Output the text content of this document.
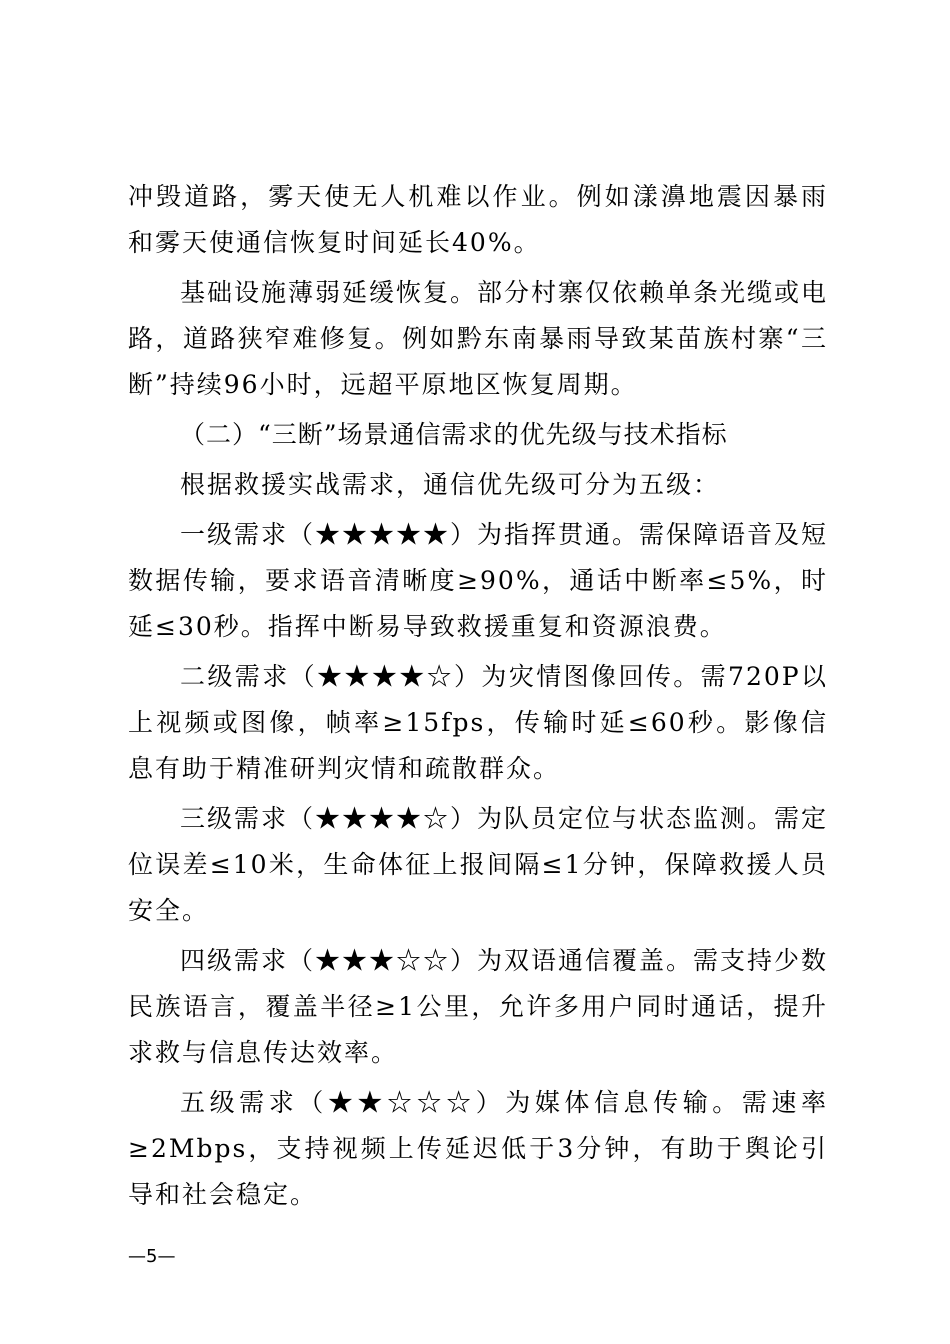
冲毁道路，雾天使无人机难以作业。例如漾濞地震因暴雨和雾天使通信恢复时间延长40%。

基础设施薄弱延缓恢复。部分村寨仅依赖单条光缆或电路，道路狭窄难修复。例如黔东南暴雨导致某苗族村寨“三断”持续96小时，远超平原地区恢复周期。

（二）“三断”场景通信需求的优先级与技术指标

根据救援实战需求，通信优先级可分为五级：

一级需求（★★★★★）为指挥贯通。需保障语音及短数据传输，要求语音清晰度≥90%，通话中断率≤5%，时延≤30秒。指挥中断易导致救援重复和资源浪费。

二级需求（★★★★☆）为灾情图像回传。需720P以上视频或图像，帧率≥15fps，传输时延≤60秒。影像信息有助于精准研判灾情和疏散群众。

三级需求（★★★★☆）为队员定位与状态监测。需定位误差≤10米，生命体征上报间隔≤1分钟，保障救援人员安全。

四级需求（★★★☆☆）为双语通信覆盖。需支持少数民族语言，覆盖半径≥1公里，允许多用户同时通话，提升求救与信息传达效率。

五级需求（★★☆☆☆）为媒体信息传输。需速率≥2Mbps，支持视频上传延迟低于3分钟，有助于舆论引导和社会稳定。

—5—
